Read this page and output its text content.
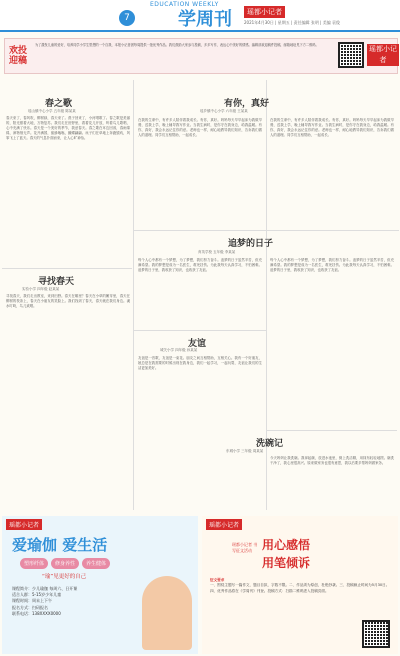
7
EDUCATION WEEKLY
学周刊	瑶都小记者
2021年4月30日 | 星期五 | 责任编辑 张明 | 美编 袁俊
欢投迎稿
为了激发儿童的爱好，培养同学小学生思想的一个自我，本报小记者团每周提供一批优秀作品。我们鼓励大家参与投稿，多多写作，表达心中美好的情感。编辑部欢迎稿件投稿，邮箱地址见下方二维码。	瑶都小记者
春之歌
瑶山镇中心小学 五年级 陈某某
春天来了，春风吹，柳树绿，春天来了。燕子回来了，小河唱歌了。春之歌是美丽的，阳光照着大地，万物复苏。我们走在田野里，看着花儿开放，听着鸟儿歌唱，心中充满了快乐。春天是一个美好的季节，我爱春天。春之歌在耳边回荡，春雨绵绵，润物细无声。花开满园，蜜蜂嗡嗡，蝴蝶翩翩。孩子们在草地上奔跑嬉戏，风筝飞上了蓝天。春天的气息扑面而来，让人心旷神怡。
有你，真好
瑶乡镇中心小学 六年级 王某某
在我的生命中，有许多人陪伴着我成长。有你，真好。妈妈每天早早起床为我做早餐，送我上学，晚上辅导我写作业。当我生病时，是你守在我身边，给我温暖。有你，真好，我会永远记住你的爱。老师也一样，耐心地教导我们知识，告诉我们做人的道理。同学们互相帮助，一起成长。
在我的生命中，有许多人陪伴着我成长。有你，真好。妈妈每天早早起床为我做早餐，送我上学，晚上辅导我写作业。当我生病时，是你守在我身边，给我温暖。有你，真好，我会永远记住你的爱。老师也一样，耐心地教导我们知识，告诉我们做人的道理。同学们互相帮助，一起成长。
追梦的日子
育英学校 五年级 李某某
每个人心中都有一个梦想，为了梦想，我们努力奋斗。追梦的日子虽然辛苦，但充满希望。我的梦想是成为一名医生，救死扶伤。为此我每天认真学习，不怕困难。追梦的日子里，我收获了知识，也收获了友谊。
每个人心中都有一个梦想，为了梦想，我们努力奋斗。追梦的日子虽然辛苦，但充满希望。我的梦想是成为一名医生，救死扶伤。为此我每天认真学习，不怕困难。追梦的日子里，我收获了知识，也收获了友谊。
寻找春天
实验小学 四年级 赵某某
寻找春天，我们走出教室，来到田野。春天在哪里？春天在小草的嫩芽里，春天在柳树的枝条上，春天在小朋友的笑脸上。我们找到了春天，春天就在我们身边。溪水叮咚，鸟儿欢唱。
友谊
城关小学 四年级 孙某某
友谊是一首歌，友谊是一束花。朋友之间互相帮助，互相关心。我有一个好朋友，她总是在我需要的时候出现在我身边，我们一起学习，一起玩耍，友谊让我们的生活更加美好。
洗碗记
东城小学 三年级 周某某
今天妈妈让我洗碗。我拿起碗，放进水池里，倒上洗洁精，用抹布轻轻地擦。碗洗干净了，我心里很高兴。原来做家务也很有意思，我以后要多帮妈妈做家务。
瑶都小记者
爱瑜伽 爱生活
塑形纤体	修身养性	养生健体
“瑜”见更好的自己
课程简介：少儿瑜伽 每周六、日开课
适合人群：5-15岁少年儿童
课程时间：周末上下午
报名方式：扫码报名
联系电话：138XXXX0000
瑶都小记者
瑶都小记者 书写征文活动 用心感悟
用笔倾诉
征文要求
一、围绕主题写一篇作文，题目自拟，字数不限。二、作品须为原创，杜绝抄袭。三、投稿截止时间为5月30日。四、优秀作品将在《学周刊》刊登。投稿方式：扫描二维码进入投稿页面。
